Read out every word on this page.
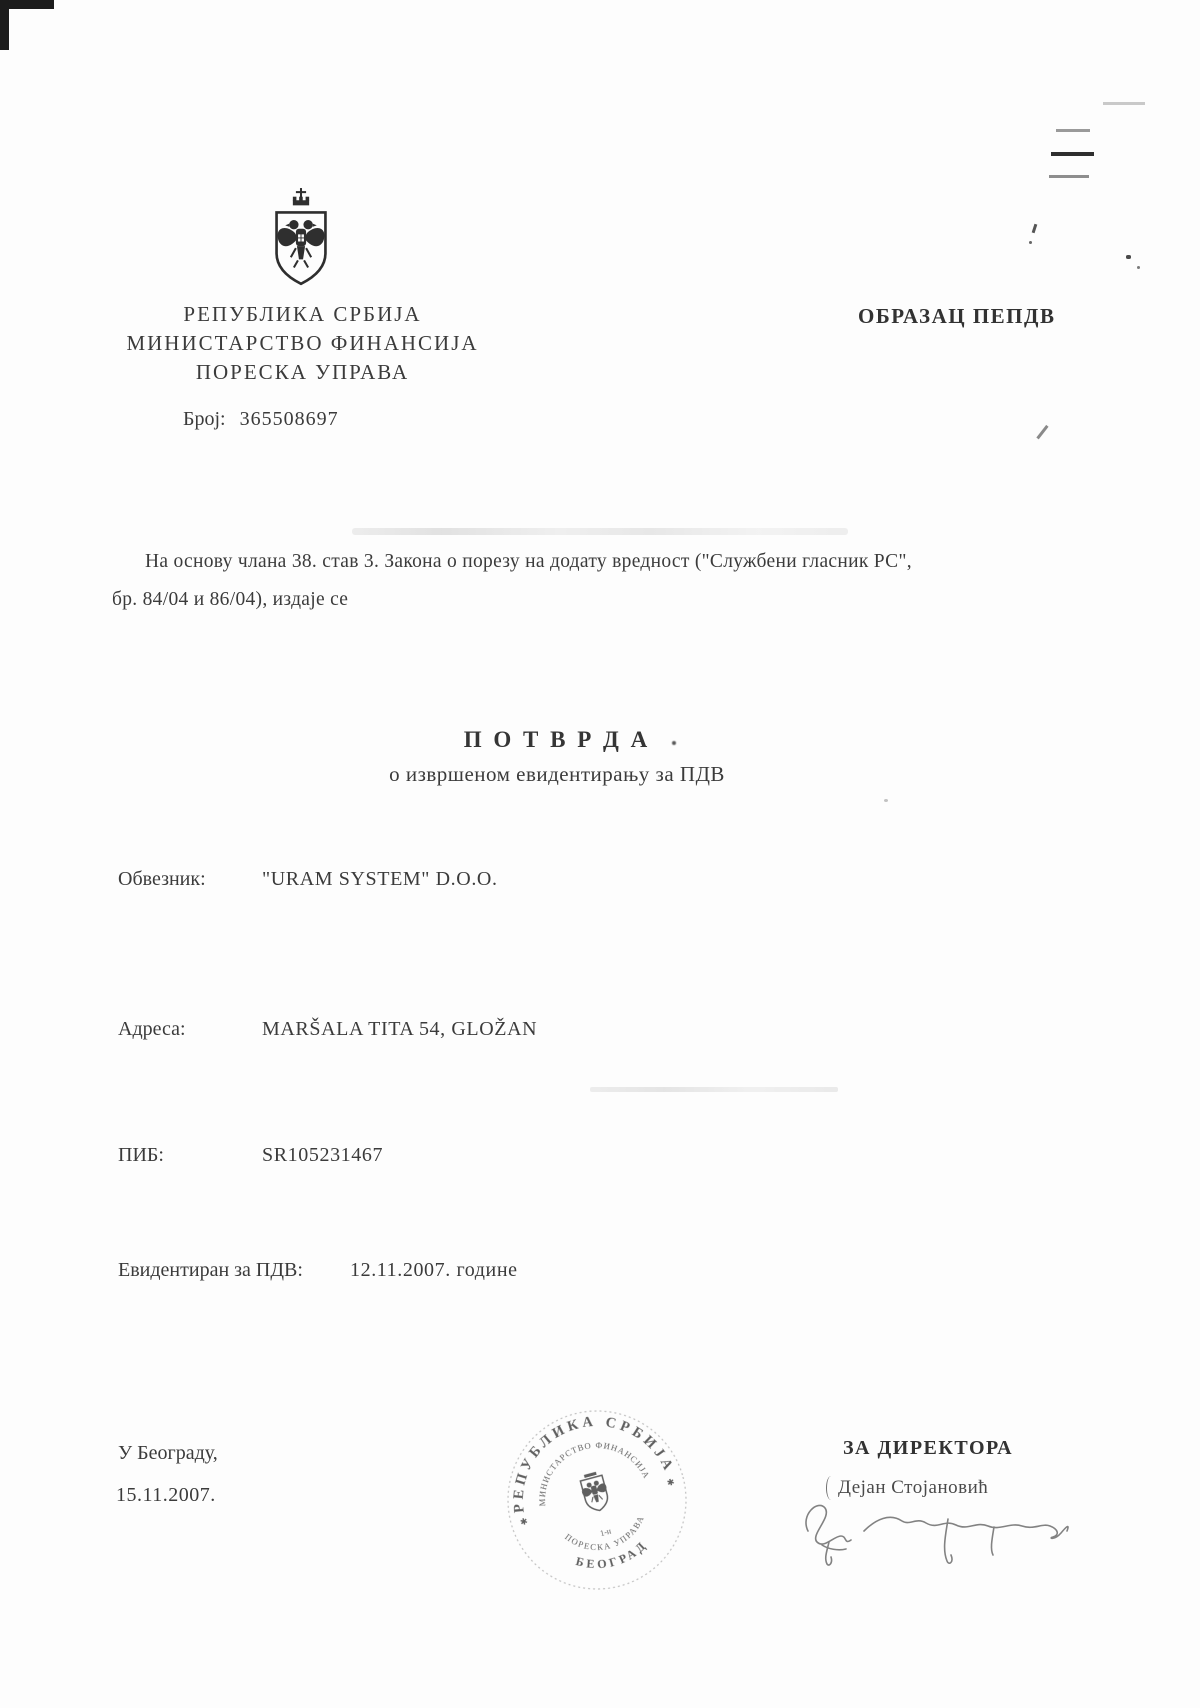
РЕПУБЛИКА СРБИЈА
МИНИСТАРСТВО ФИНАНСИЈА
ПОРЕСКА УПРАВА
ОБРАЗАЦ ПЕПДВ
Број: 365508697
На основу члана 38. став 3. Закона о порезу на додату вредност ("Службени гласник РС",
бр. 84/04 и 86/04), издаје се
П О Т В Р Д А
о извршеном евидентирању за ПДВ
Обвезник:	"URAM SYSTEM" D.O.O.
Адреса:	MARŠALA TITA 54, GLOŽAN
ПИБ:	SR105231467
Евидентиран за ПДВ: 12.11.2007. године
У Београду,
15.11.2007.
РЕПУБЛИКА СРБИЈА
БЕОГРАД
МИНИСТАРСТВО ФИНАНСИЈА
ПОРЕСКА УПРАВА
✱
✱
1-н
ЗА ДИРЕКТОРА
Дејан Стојановић
